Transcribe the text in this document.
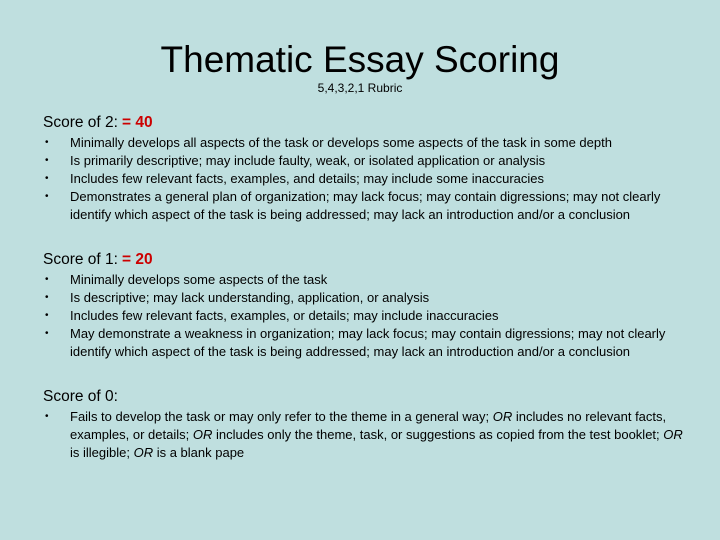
Thematic Essay Scoring
5,4,3,2,1 Rubric
Score of 2: = 40
• Minimally develops all aspects of the task or develops some aspects of the task in some depth
• Is primarily descriptive; may include faulty, weak, or isolated application or analysis
• Includes few relevant facts, examples, and details; may include some inaccuracies
• Demonstrates a general plan of organization; may lack focus; may contain digressions; may not clearly identify which aspect of the task is being addressed; may lack an introduction and/or a conclusion
Score of 1: = 20
• Minimally develops some aspects of the task
• Is descriptive; may lack understanding, application, or analysis
• Includes few relevant facts, examples, or details; may include inaccuracies
• May demonstrate a weakness in organization; may lack focus; may contain digressions; may not clearly identify which aspect of the task is being addressed; may lack an introduction and/or a conclusion
Score of 0:
• Fails to develop the task or may only refer to the theme in a general way; OR includes no relevant facts, examples, or details; OR includes only the theme, task, or suggestions as copied from the test booklet; OR is illegible; OR is a blank pape
